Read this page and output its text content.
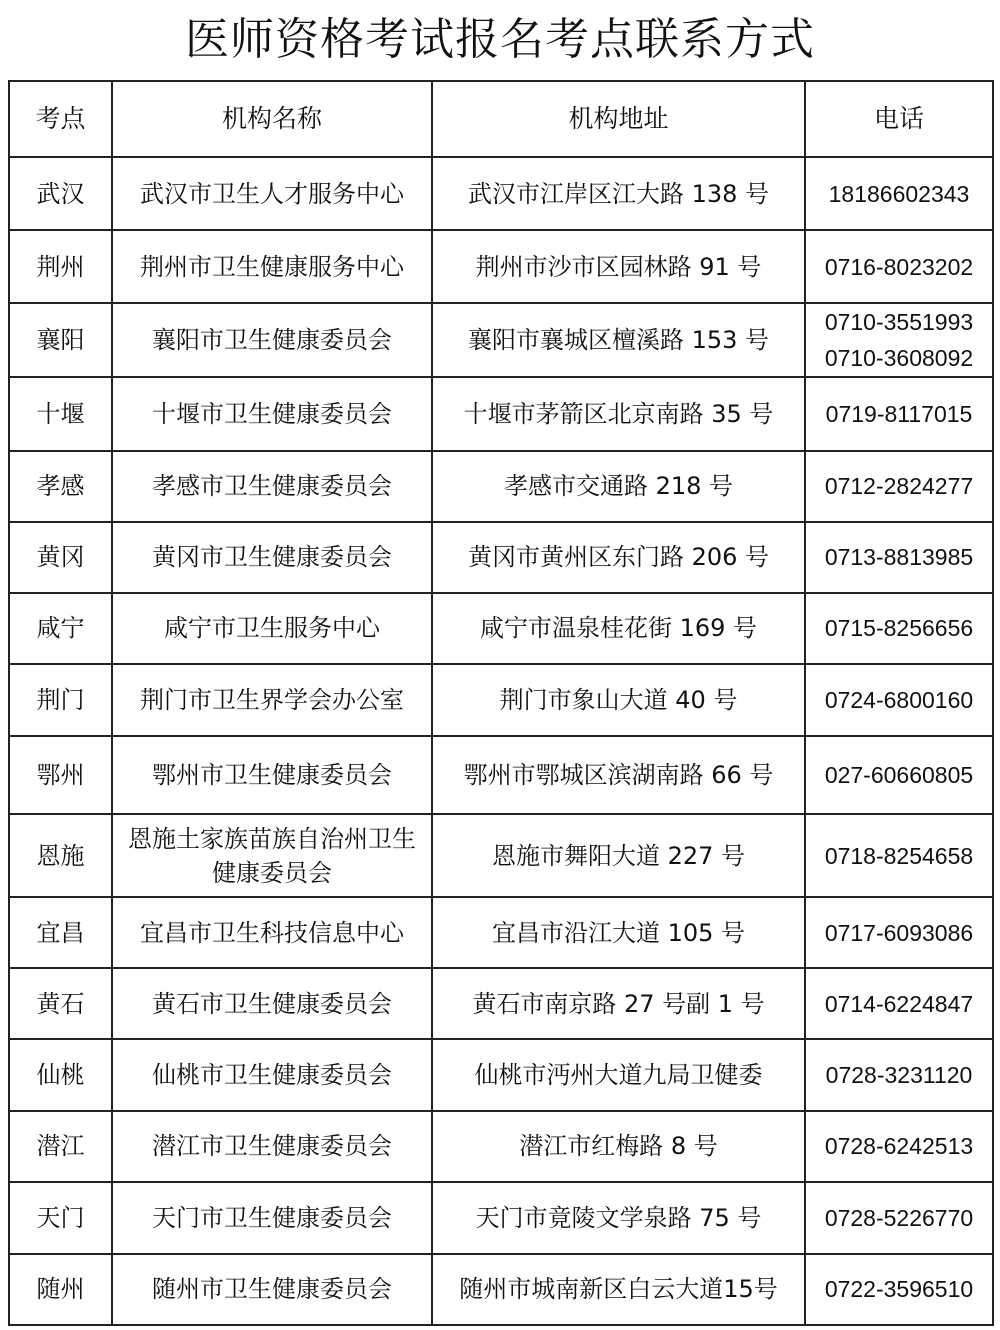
医师资格考试报名考点联系方式
考点	机构名称	机构地址	电话
武汉	武汉市卫生人才服务中心	武汉市江岸区江大路 138 号	18186602343

荆州	荆州市卫生健康服务中心	荆州市沙市区园林路 91 号	0716-8023202

襄阳	襄阳市卫生健康委员会	襄阳市襄城区檀溪路 153 号	0710-3551993
0710-3608092

十堰	十堰市卫生健康委员会	十堰市茅箭区北京南路 35 号	0719-8117015

孝感	孝感市卫生健康委员会	孝感市交通路 218 号	0712-2824277

黄冈	黄冈市卫生健康委员会	黄冈市黄州区东门路 206 号	0713-8813985

咸宁	咸宁市卫生服务中心	咸宁市温泉桂花街 169 号	0715-8256656

荆门	荆门市卫生界学会办公室	荆门市象山大道 40 号	0724-6800160

鄂州	鄂州市卫生健康委员会	鄂州市鄂城区滨湖南路 66 号	027-60660805

恩施	恩施土家族苗族自治州卫生健康委员会	恩施市舞阳大道 227 号	0718-8254658

宜昌	宜昌市卫生科技信息中心	宜昌市沿江大道 105 号	0717-6093086

黄石	黄石市卫生健康委员会	黄石市南京路 27 号副 1 号	0714-6224847

仙桃	仙桃市卫生健康委员会	仙桃市沔州大道九局卫健委	0728-3231120

潜江	潜江市卫生健康委员会	潜江市红梅路 8 号	0728-6242513

天门	天门市卫生健康委员会	天门市竟陵文学泉路 75 号	0728-5226770

随州	随州市卫生健康委员会	随州市城南新区白云大道15号	0722-3596510
